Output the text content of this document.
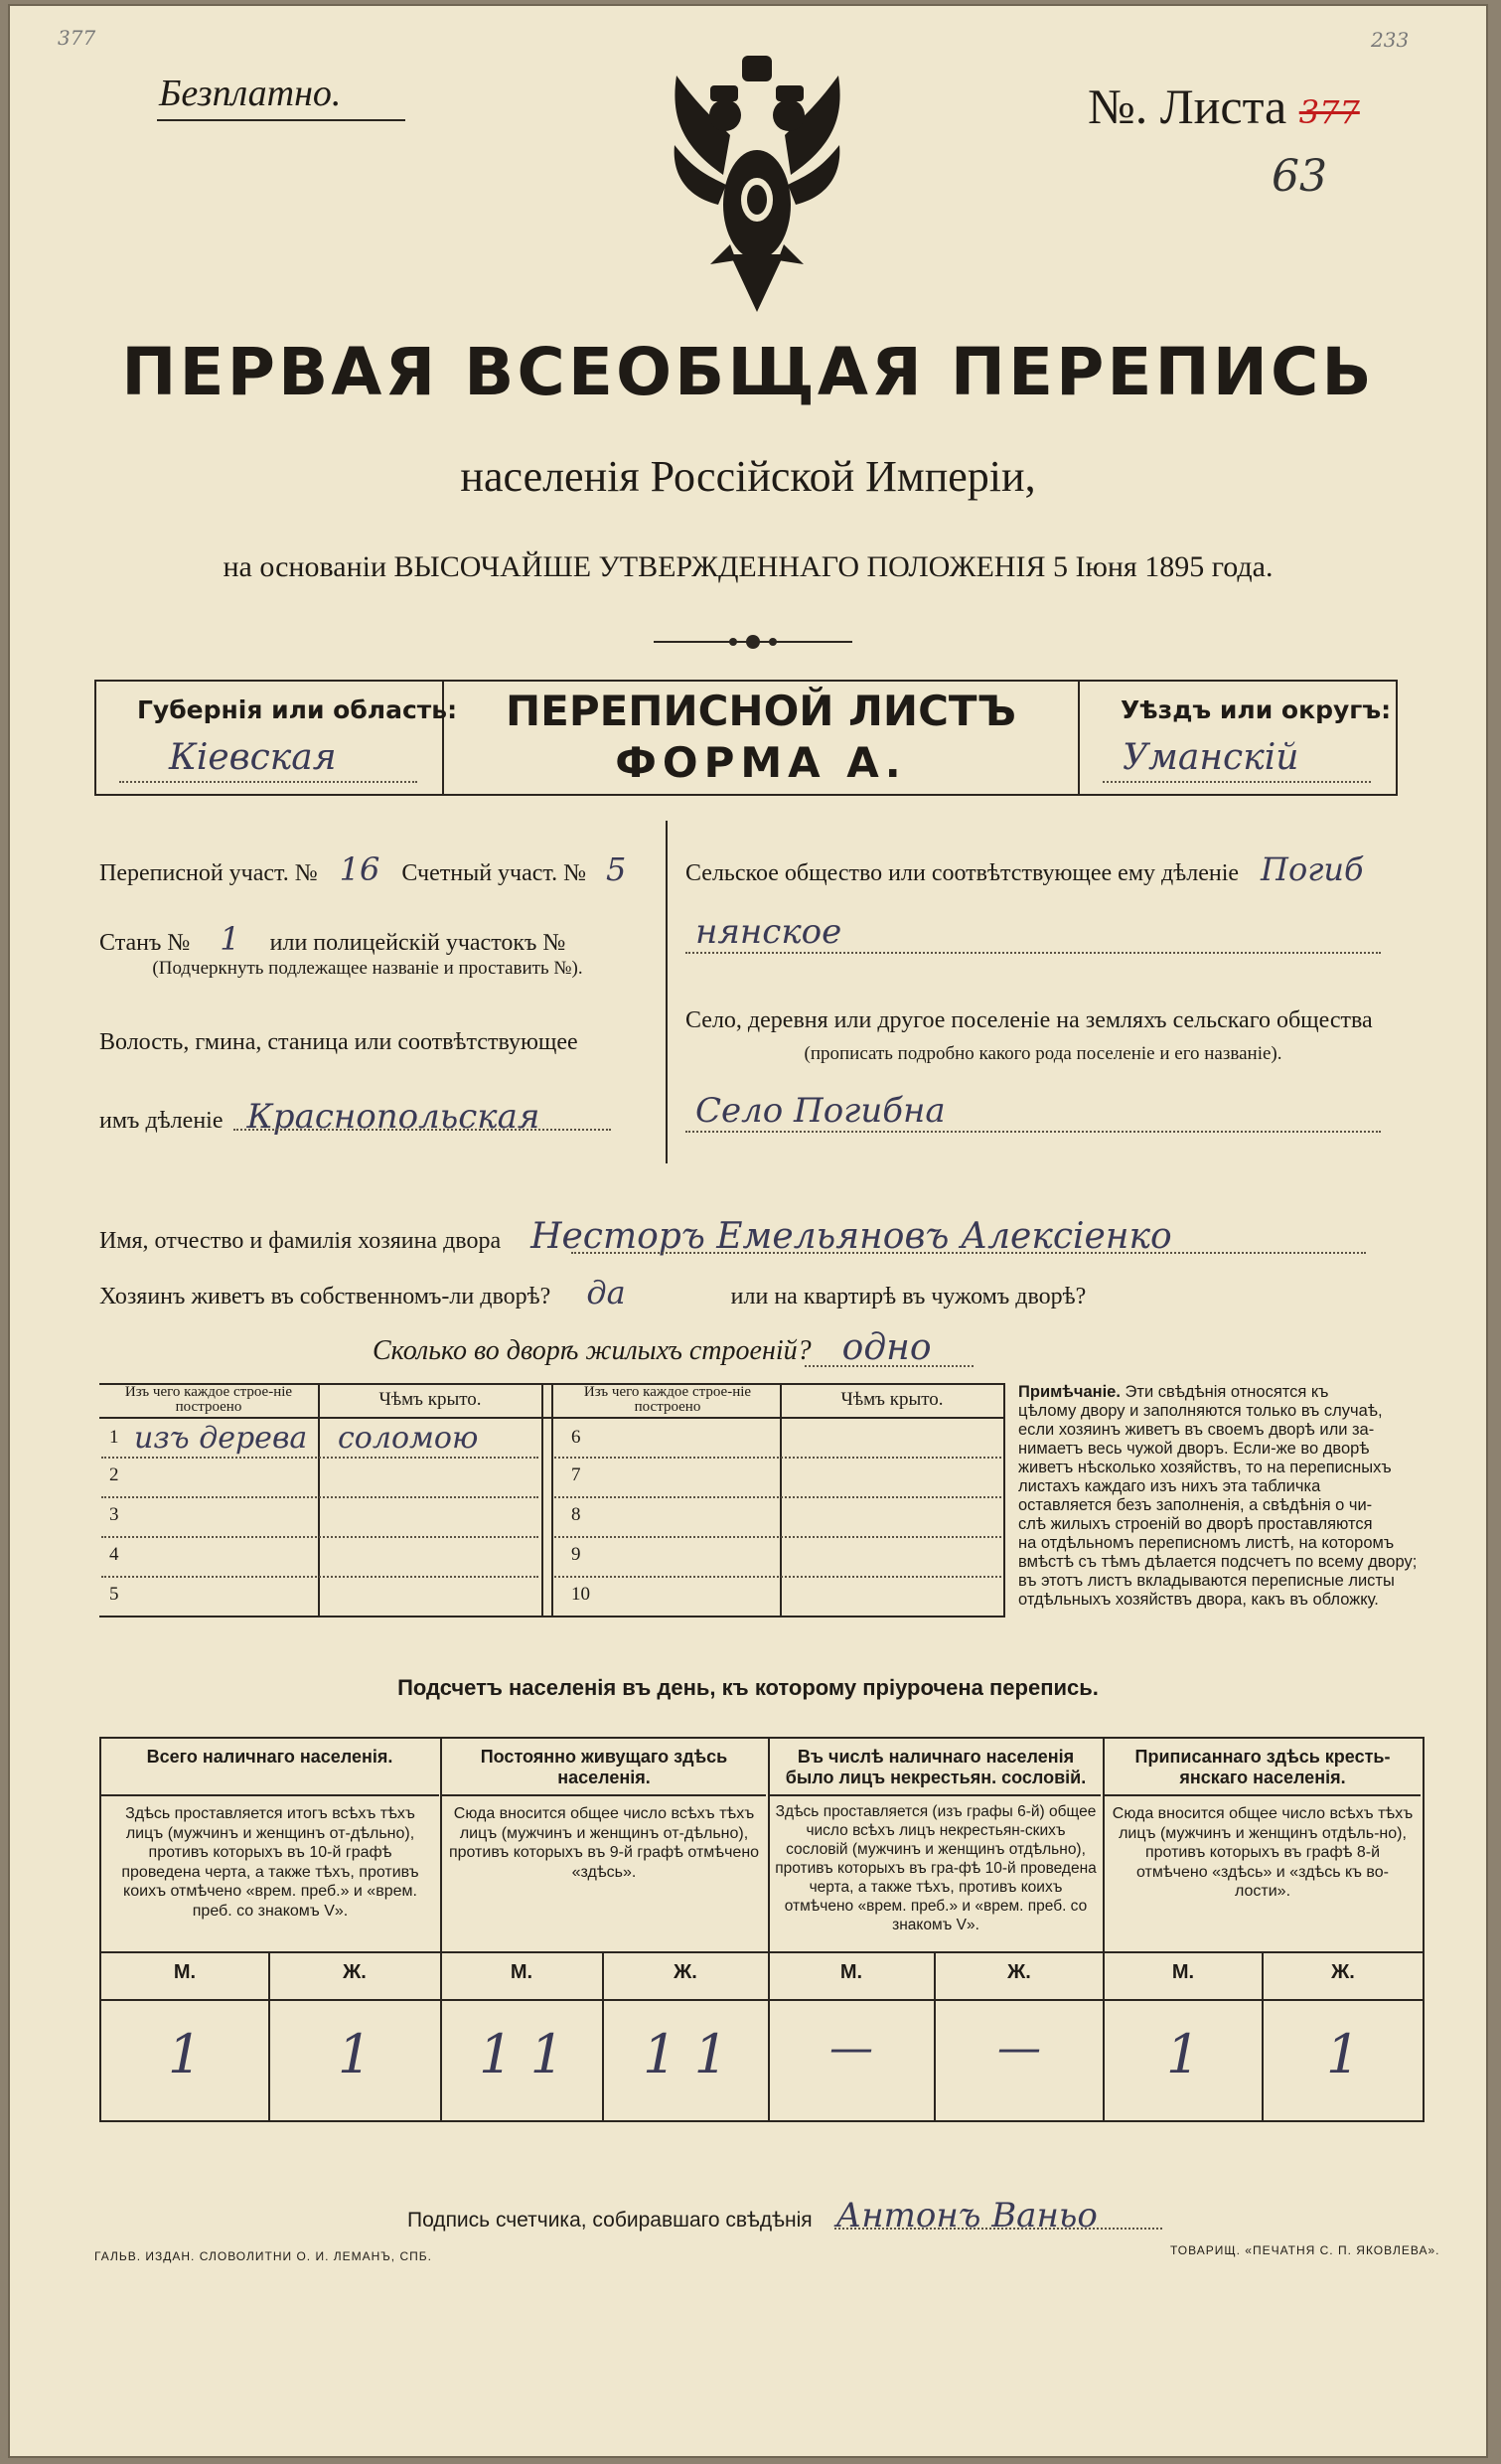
Безплатно.
377	233
№. Листа 377
63
ПЕРВАЯ ВСЕОБЩАЯ ПЕРЕПИСЬ
населенія Россійской Имперіи,
на основаніи ВЫСОЧАЙШЕ УТВЕРЖДЕННАГО ПОЛОЖЕНІЯ 5 Іюня 1895 года.
Губернія или область:
Кіевская
ПЕРЕПИСНОЙ ЛИСТЪ
ФОРМА А.
Уѣздъ или округъ:
Уманскій
Переписной участ. № 16 Счетный участ. № 5
Станъ № 1 или полицейскій участокъ №
(Подчеркнуть подлежащее названіе и проставить №).
Волость, гмина, станица или соотвѣтствующее
имъ дѣленіе Краснопольская
Сельское общество или соотвѣтствующее ему дѣленіе Погиб
нянское
Село, деревня или другое поселеніе на земляхъ сельскаго общества
(прописать подробно какого рода поселеніе и его названіе).
Село Погибна
Имя, отчество и фамилія хозяина двора Несторъ Емельяновъ Алексіенко
Хозяинъ живетъ въ собственномъ-ли дворѣ? да	или на квартирѣ въ чужомъ дворѣ?
Сколько во дворѣ жилыхъ строеній? одно
Изъ чего каждое строе-ніе построено	Чѣмъ крыто.	Изъ чего каждое строе-ніе построено	Чѣмъ крыто.
1 изъ дерева соломою
2
3
4
5
6
7
8
9
10
Примѣчаніе. Эти свѣдѣнія относятся къ
цѣлому двору и заполняются только въ случаѣ,
если хозяинъ живетъ въ своемъ дворѣ или за-
нимаетъ весь чужой дворъ. Если-же во дворѣ
живетъ нѣсколько хозяйствъ, то на переписныхъ
листахъ каждаго изъ нихъ эта табличка
оставляется безъ заполненія, а свѣдѣнія о чи-
слѣ жилыхъ строеній во дворѣ проставляются
на отдѣльномъ переписномъ листѣ, на которомъ
вмѣстѣ съ тѣмъ дѣлается подсчетъ по всему двору;
въ этотъ листъ вкладываются переписные листы
отдѣльныхъ хозяйствъ двора, какъ въ обложку.
Подсчетъ населенія въ день, къ которому пріурочена перепись.
Всего наличнаго населенія.
Здѣсь проставляется итогъ всѣхъ тѣхъ лицъ (мужчинъ и женщинъ от-дѣльно), противъ которыхъ въ 10-й графѣ проведена черта, а также тѣхъ, противъ коихъ отмѣчено «врем. преб.» и «врем. преб. со знакомъ V».
Постоянно живущаго здѣсь населенія.
Сюда вносится общее число всѣхъ тѣхъ лицъ (мужчинъ и женщинъ от-дѣльно), противъ которыхъ въ 9-й графѣ отмѣчено «здѣсь».
Въ числѣ наличнаго населенія было лицъ некрестьян. сословій.
Здѣсь проставляется (изъ графы 6-й) общее число всѣхъ лицъ некрестьян-скихъ сословій (мужчинъ и женщинъ отдѣльно), противъ которыхъ въ гра-фѣ 10-й проведена черта, а также тѣхъ, противъ коихъ отмѣчено «врем. преб.» и «врем. преб. со знакомъ V».
Приписаннаго здѣсь кресть-янскаго населенія.
Сюда вносится общее число всѣхъ тѣхъ лицъ (мужчинъ и женщинъ отдѣль-но), противъ которыхъ въ графѣ 8-й отмѣчено «здѣсь» и «здѣсь къ во-лости».
М.	Ж.	М.	Ж.	М.	Ж.	М.	Ж.
1	1	1 1	1 1	—	—	1	1
Подпись счетчика, собиравшаго свѣдѣнія Антонъ Ваньо
ГАЛЬВ. ИЗДАН. СЛОВОЛИТНИ О. И. ЛЕМАНЪ, СПБ.	ТОВАРИЩ. «ПЕЧАТНЯ С. П. ЯКОВЛЕВА».
